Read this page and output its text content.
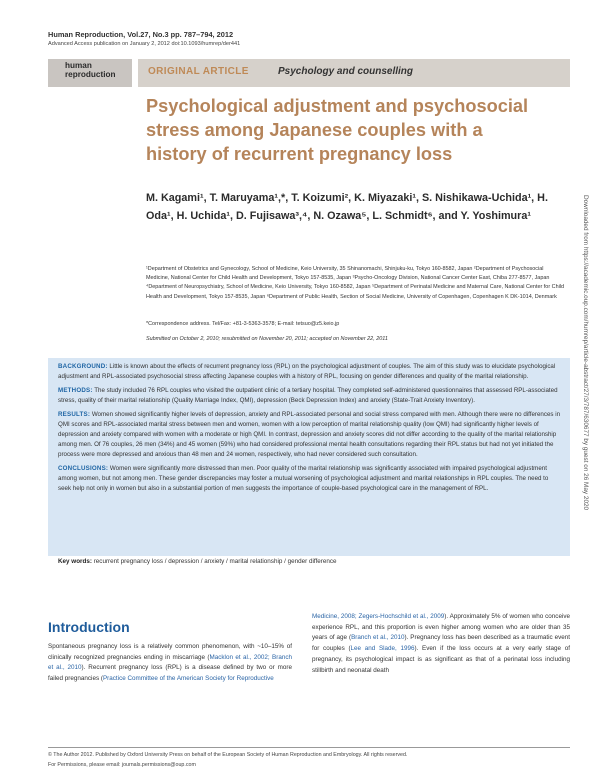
Human Reproduction, Vol.27, No.3 pp. 787–794, 2012
Advanced Access publication on January 2, 2012 doi:10.1093/humrep/der441
human
reproduction	ORIGINAL ARTICLE	Psychology and counselling
Psychological adjustment and psychosocial stress among Japanese couples with a history of recurrent pregnancy loss
M. Kagami¹, T. Maruyama¹,*, T. Koizumi², K. Miyazaki¹, S. Nishikawa-Uchida¹, H. Oda¹, H. Uchida¹, D. Fujisawa³,⁴, N. Ozawa⁵, L. Schmidt⁶, and Y. Yoshimura¹
¹Department of Obstetrics and Gynecology, School of Medicine, Keio University, 35 Shinanomachi, Shinjuku-ku, Tokyo 160-8582, Japan ²Department of Psychosocial Medicine, National Center for Child Health and Development, Tokyo 157-8535, Japan ³Psycho-Oncology Division, National Cancer Center East, Chiba 277-8577, Japan ⁴Department of Neuropsychiatry, School of Medicine, Keio University, Tokyo 160-8582, Japan ⁵Department of Perinatal Medicine and Maternal Care, National Center for Child Health and Development, Tokyo 157-8535, Japan ⁶Department of Public Health, Section of Social Medicine, University of Copenhagen, Copenhagen K DK-1014, Denmark
*Correspondence address. Tel/Fax: +81-3-5363-3578; E-mail: tetsuo@z5.keio.jp
Submitted on October 2, 2010; resubmitted on November 20, 2011; accepted on November 22, 2011

BACKGROUND: Little is known about the effects of recurrent pregnancy loss (RPL) on the psychological adjustment of couples. The aim of this study was to elucidate psychological adjustment and RPL-associated psychosocial stress affecting Japanese couples with a history of RPL, focusing on gender differences and quality of the marital relationship.

METHODS: The study included 76 RPL couples who visited the outpatient clinic of a tertiary hospital. They completed self-administered questionnaires that assessed RPL-associated stress, quality of their marital relationship (Quality Marriage Index, QMI), depression (Beck Depression Index) and anxiety (State-Trait Anxiety Inventory).

RESULTS: Women showed significantly higher levels of depression, anxiety and RPL-associated personal and social stress compared with men. Although there were no differences in QMI scores and RPL-associated marital stress between men and women, women with a low perception of marital relationship quality (low QMI) had significantly higher levels of depression and anxiety compared with women with a moderate or high QMI. In contrast, depression and anxiety scores did not differ according to the quality of the marital relationship among men. Of 76 couples, 26 men (34%) and 45 women (59%) who had considered professional mental health consultations regarding their RPL status but had not yet initiated the process were more depressed and anxious than 48 men and 24 women, respectively, who had never considered such consultation.

CONCLUSIONS: Women were significantly more distressed than men. Poor quality of the marital relationship was significantly associated with impaired psychological adjustment among women, but not among men. These gender discrepancies may foster a mutual worsening of psychological adjustment and marital relationships in RPL couples. The need to seek help not only in women but also in a substantial portion of men suggests the importance of couple-based psychological care in the management of RPL.

Key words: recurrent pregnancy loss / depression / anxiety / marital relationship / gender difference
Introduction
Spontaneous pregnancy loss is a relatively common phenomenon, with ~10–15% of clinically recognized pregnancies ending in miscarriage (Macklon et al., 2002; Branch et al., 2010). Recurrent pregnancy loss (RPL) is a disease defined by two or more failed pregnancies (Practice Committee of the American Society for Reproductive
Medicine, 2008; Zegers-Hochschild et al., 2009). Approximately 5% of women who conceive experience RPL, and this proportion is even higher among women who are older than 35 years of age (Branch et al., 2010). Pregnancy loss has been described as a traumatic event for couples (Lee and Slade, 1996). Even if the loss occurs at a very early stage of pregnancy, its psychological impact is as significant as that of a perinatal loss including stillbirth and neonatal death
© The Author 2012. Published by Oxford University Press on behalf of the European Society of Human Reproduction and Embryology. All rights reserved.
For Permissions, please email: journals.permissions@oup.com
Downloaded from https://academic.oup.com/humrep/article-abstract/27/3/787/630677 by guest on 26 May 2020
